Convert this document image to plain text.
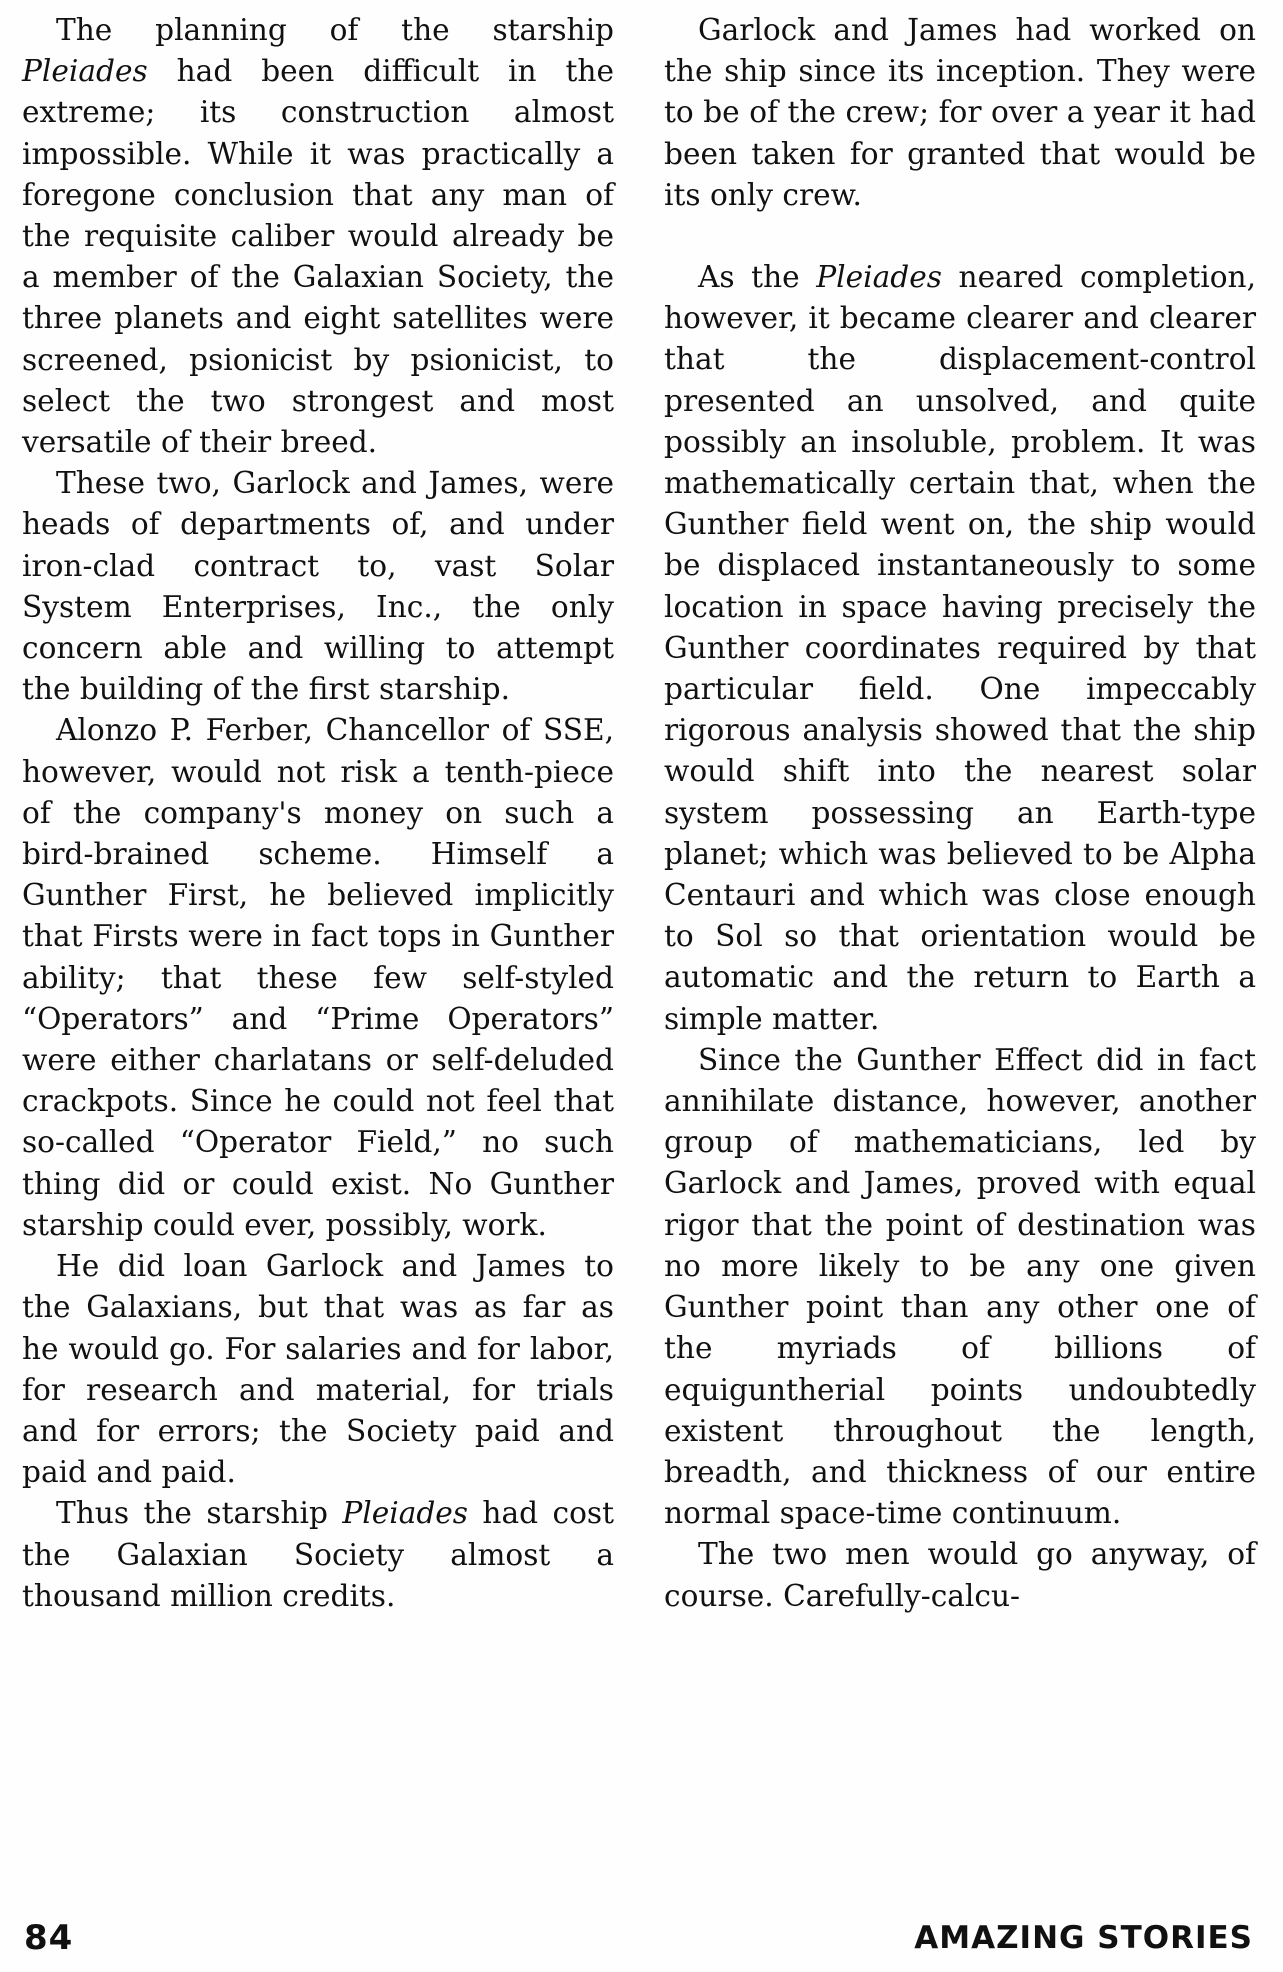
The planning of the starship Pleiades had been difficult in the extreme; its construction almost impossible. While it was practically a foregone conclusion that any man of the requisite caliber would already be a member of the Galaxian Society, the three planets and eight satellites were screened, psionicist by psionicist, to select the two strongest and most versatile of their breed.

These two, Garlock and James, were heads of departments of, and under iron-clad contract to, vast Solar System Enterprises, Inc., the only concern able and willing to attempt the building of the first starship.

Alonzo P. Ferber, Chancellor of SSE, however, would not risk a tenth-piece of the company's money on such a bird-brained scheme. Himself a Gunther First, he believed implicitly that Firsts were in fact tops in Gunther ability; that these few self-styled “Operators” and “Prime Operators” were either charlatans or self-deluded crackpots. Since he could not feel that so-called “Operator Field,” no such thing did or could exist. No Gunther starship could ever, possibly, work.

He did loan Garlock and James to the Galaxians, but that was as far as he would go. For salaries and for labor, for research and material, for trials and for errors; the Society paid and paid and paid.

Thus the starship Pleiades had cost the Galaxian Society almost a thousand million credits.

Garlock and James had worked on the ship since its inception. They were to be of the crew; for over a year it had been taken for granted that would be its only crew.

As the Pleiades neared completion, however, it became clearer and clearer that the displacement-control presented an unsolved, and quite possibly an insoluble, problem. It was mathematically certain that, when the Gunther field went on, the ship would be displaced instantaneously to some location in space having precisely the Gunther coordinates required by that particular field. One impeccably rigorous analysis showed that the ship would shift into the nearest solar system possessing an Earth-type planet; which was believed to be Alpha Centauri and which was close enough to Sol so that orientation would be automatic and the return to Earth a simple matter.

Since the Gunther Effect did in fact annihilate distance, however, another group of mathematicians, led by Garlock and James, proved with equal rigor that the point of destination was no more likely to be any one given Gunther point than any other one of the myriads of billions of equiguntherial points undoubtedly existent throughout the length, breadth, and thickness of our entire normal space-time continuum.

The two men would go anyway, of course. Carefully-calcu-

84	AMAZING STORIES
